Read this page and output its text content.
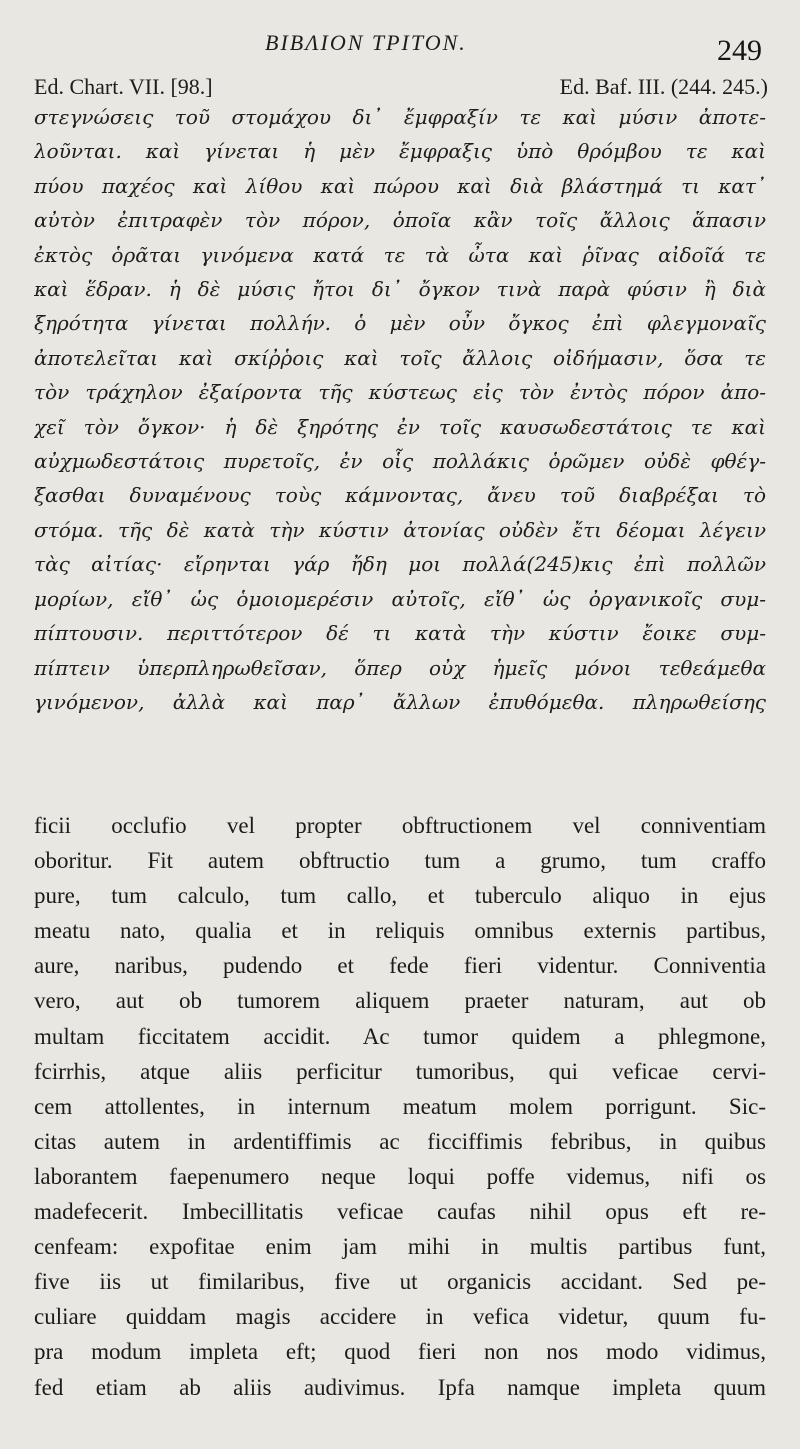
ΒΙΒΛΙΟΝ ΤΡΙΤΟΝ.	249
Ed. Chart. VII. [98.]	Ed. Baf. III. (244. 245.)
στεγνώσεις τοῦ στομάχου δι᾽ ἔμφραξίν τε καὶ μύσιν ἀποτε-
λοῦνται. καὶ γίνεται ἡ μὲν ἔμφραξις ὑπὸ θρόμβου τε καὶ
πύου παχέος καὶ λίθου καὶ πώρου καὶ διὰ βλάστημά τι κατ᾽
αὐτὸν ἐπιτραφὲν τὸν πόρον, ὁποῖα κἂν τοῖς ἄλλοις ἅπασιν
ἐκτὸς ὁρᾶται γινόμενα κατά τε τὰ ὦτα καὶ ῥῖνας αἰδοῖά τε
καὶ ἕδραν. ἡ δὲ μύσις ἤτοι δι᾽ ὄγκον τινὰ παρὰ φύσιν ἢ διὰ
ξηρότητα γίνεται πολλήν. ὁ μὲν οὖν ὄγκος ἐπὶ φλεγμοναῖς
ἀποτελεῖται καὶ σκίῤῥοις καὶ τοῖς ἄλλοις οἰδήμασιν, ὅσα τε
τὸν τράχηλον ἐξαίροντα τῆς κύστεως εἰς τὸν ἐντὸς πόρον ἀπο-
χεῖ τὸν ὄγκον· ἡ δὲ ξηρότης ἐν τοῖς καυσωδεστάτοις τε καὶ
αὐχμωδεστάτοις πυρετοῖς, ἐν οἷς πολλάκις ὁρῶμεν οὐδὲ φθέγ-
ξασθαι δυναμένους τοὺς κάμνοντας, ἄνευ τοῦ διαβρέξαι τὸ
στόμα. τῆς δὲ κατὰ τὴν κύστιν ἀτονίας οὐδὲν ἔτι δέομαι λέγειν
τὰς αἰτίας· εἴρηνται γάρ ἤδη μοι πολλά(245)κις ἐπὶ πολλῶν
μορίων, εἴθ᾽ ὡς ὁμοιομερέσιν αὐτοῖς, εἴθ᾽ ὡς ὀργανικοῖς συμ-
πίπτουσιν. περιττότερον δέ τι κατὰ τὴν κύστιν ἔοικε συμ-
πίπτειν ὑπερπληρωθεῖσαν, ὅπερ οὐχ ἡμεῖς μόνοι τεθεάμεθα
γινόμενον, ἀλλὰ καὶ παρ᾽ ἄλλων ἐπυθόμεθα. πληρωθείσης
ficii occlufio vel propter obftructionem vel conniventiam
oboritur. Fit autem obftructio tum a grumo, tum craffo
pure, tum calculo, tum callo, et tuberculo aliquo in ejus
meatu nato, qualia et in reliquis omnibus externis partibus,
aure, naribus, pudendo et fede fieri videntur. Conniventia
vero, aut ob tumorem aliquem praeter naturam, aut ob
multam ficcitatem accidit. Ac tumor quidem a phlegmone,
fcirrhis, atque aliis perficitur tumoribus, qui veficae cervi-
cem attollentes, in internum meatum molem porrigunt. Sic-
citas autem in ardentiffimis ac ficciffimis febribus, in quibus
laborantem faepenumero neque loqui poffe videmus, nifi os
madefecerit. Imbecillitatis veficae caufas nihil opus eft re-
cenfeam: expofitae enim jam mihi in multis partibus funt,
five iis ut fimilaribus, five ut organicis accidant. Sed pe-
culiare quiddam magis accidere in vefica videtur, quum fu-
pra modum impleta eft; quod fieri non nos modo vidimus,
fed etiam ab aliis audivimus. Ipfa namque impleta quum
